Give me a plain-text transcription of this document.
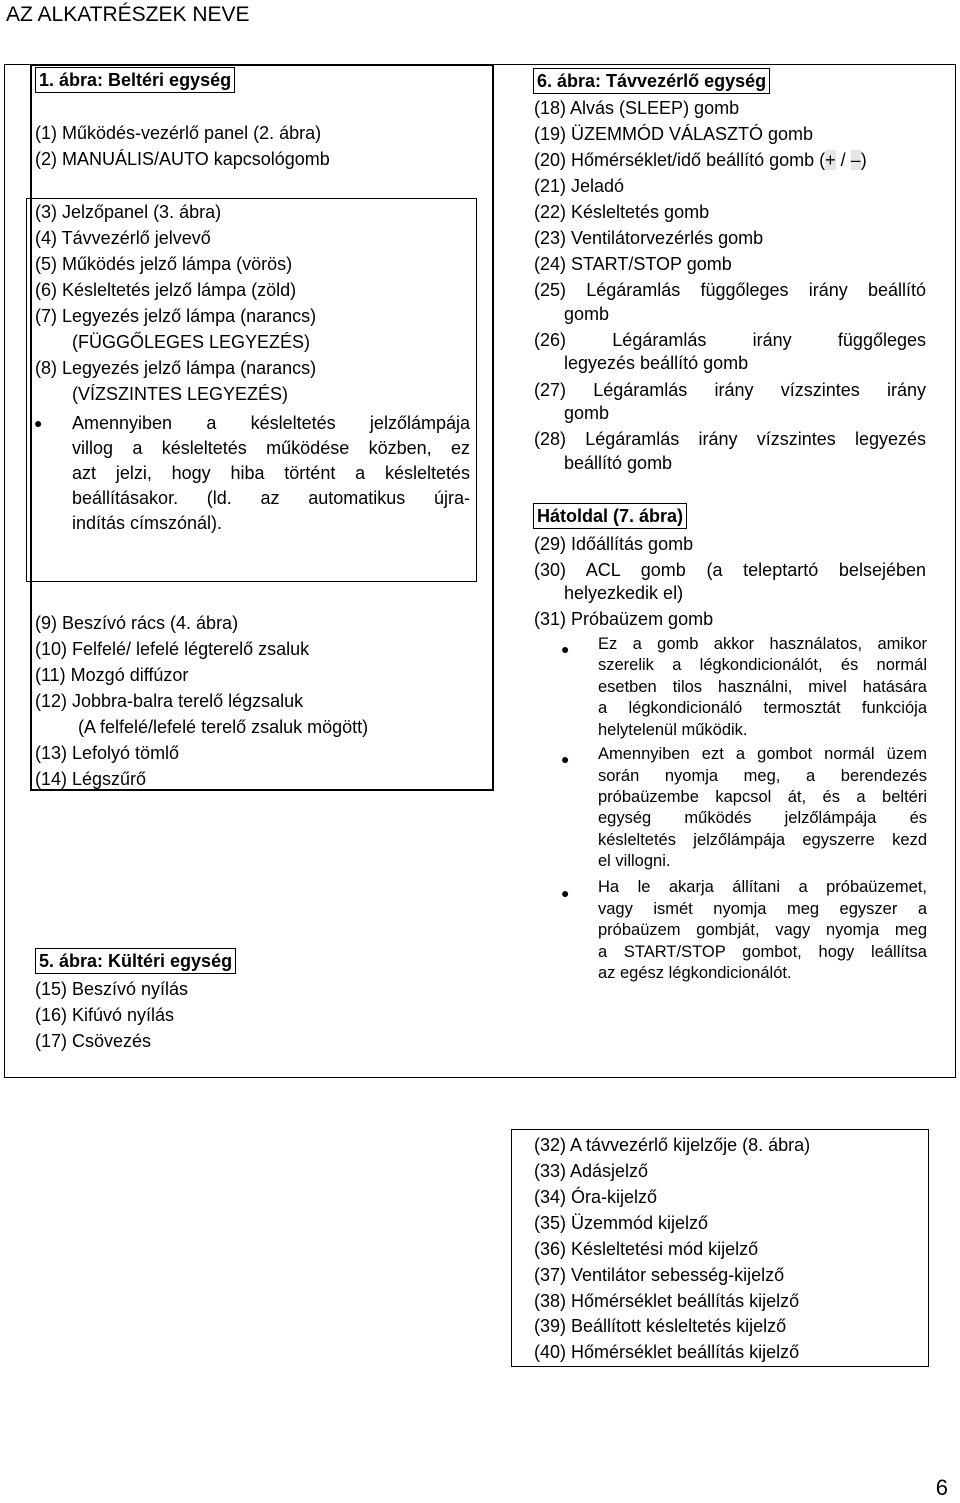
AZ ALKATRÉSZEK NEVE
1. ábra: Beltéri egység
(1) Működés-vezérlő panel (2. ábra)
(2) MANUÁLIS/AUTO kapcsológomb
(3) Jelzőpanel (3. ábra)
(4) Távvezérlő jelvevő
(5) Működés jelző lámpa (vörös)
(6) Késleltetés jelző lámpa (zöld)
(7) Legyezés jelző lámpa (narancs)
(FÜGGŐLEGES LEGYEZÉS)
(8) Legyezés jelző lámpa (narancs)
(VÍZSZINTES LEGYEZÉS)
● Amennyiben a késleltetés jelzőlámpája
villog a késleltetés működése közben, ez
azt jelzi, hogy hiba történt a késleltetés
beállításakor. (ld. az automatikus újra-
indítás címszónál).
(9) Beszívó rács (4. ábra)
(10) Felfelé/ lefelé légterelő zsaluk
(11) Mozgó diffúzor
(12) Jobbra-balra terelő légzsaluk
(A felfelé/lefelé terelő zsaluk mögött)
(13) Lefolyó tömlő
(14) Légszűrő
5. ábra: Kültéri egység
(15) Beszívó nyílás
(16) Kifúvó nyílás
(17) Csövezés
6. ábra: Távvezérlő egység
(18) Alvás (SLEEP) gomb
(19) ÜZEMMÓD VÁLASZTÓ gomb
(20) Hőmérséklet/idő beállító gomb (+ / –)
(21) Jeladó
(22) Késleltetés gomb
(23) Ventilátorvezérlés gomb
(24) START/STOP gomb
(25) Légáramlás függőleges irány beállító
gomb
(26) Légáramlás irány függőleges
legyezés beállító gomb
(27) Légáramlás irány vízszintes irány
gomb
(28) Légáramlás irány vízszintes legyezés
beállító gomb
Hátoldal (7. ábra)
(29) Időállítás gomb
(30) ACL gomb (a teleptartó belsejében
helyezkedik el)
(31) Próbaüzem gomb
● Ez a gomb akkor használatos, amikor
szerelik a légkondicionálót, és normál
esetben tilos használni, mivel hatására
a légkondicionáló termosztát funkciója
helytelenül működik.
● Amennyiben ezt a gombot normál üzem
során nyomja meg, a berendezés
próbaüzembe kapcsol át, és a beltéri
egység működés jelzőlámpája és
késleltetés jelzőlámpája egyszerre kezd
el villogni.
● Ha le akarja állítani a próbaüzemet,
vagy ismét nyomja meg egyszer a
próbaüzem gombját, vagy nyomja meg
a START/STOP gombot, hogy leállítsa
az egész légkondicionálót.
(32) A távvezérlő kijelzője (8. ábra)
(33) Adásjelző
(34) Óra-kijelző
(35) Üzemmód kijelző
(36) Késleltetési mód kijelző
(37) Ventilátor sebesség-kijelző
(38) Hőmérséklet beállítás kijelző
(39) Beállított késleltetés kijelző
(40) Hőmérséklet beállítás kijelző
6
